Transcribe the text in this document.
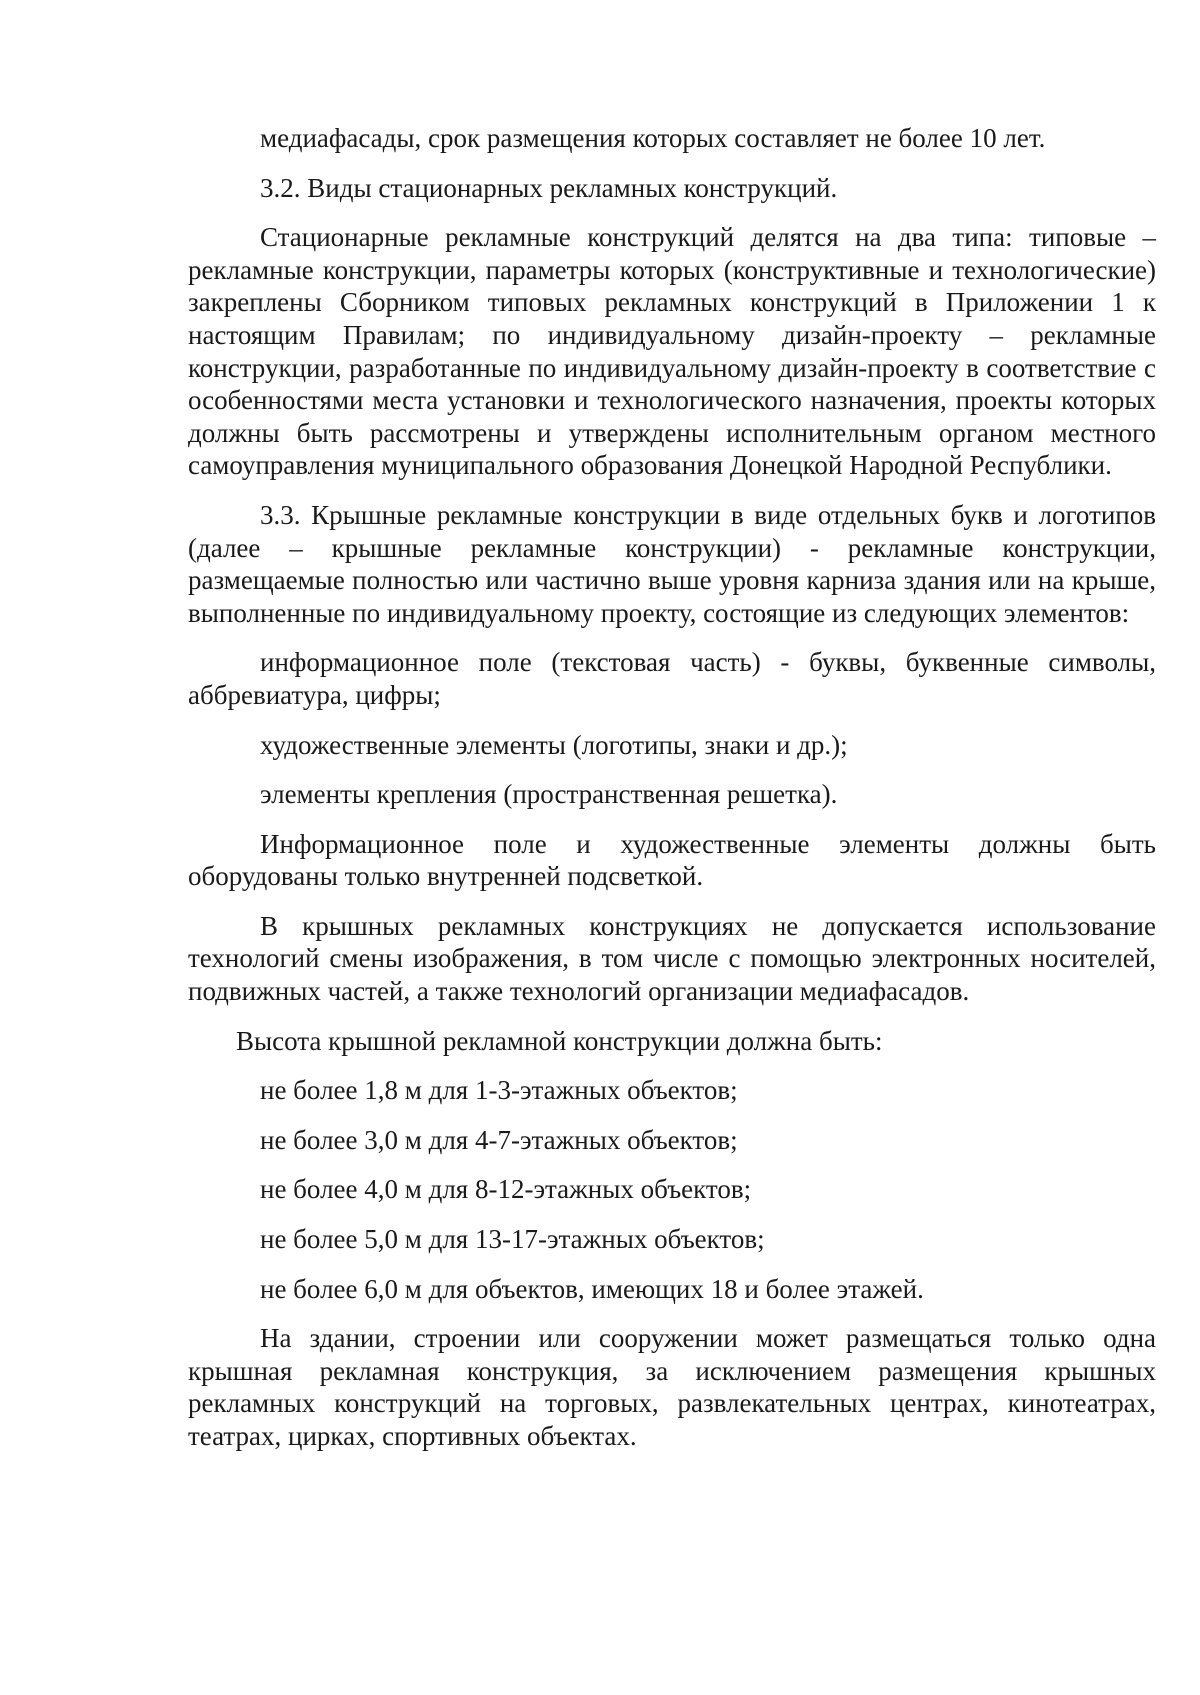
медиафасады, срок размещения которых составляет не более 10 лет.

3.2. Виды стационарных рекламных конструкций.

Стационарные рекламные конструкций делятся на два типа: типовые – рекламные конструкции, параметры которых (конструктивные и технологические) закреплены Сборником типовых рекламных конструкций в Приложении 1 к настоящим Правилам; по индивидуальному дизайн-проекту – рекламные конструкции, разработанные по индивидуальному дизайн-проекту в соответствие с особенностями места установки и технологического назначения, проекты которых должны быть рассмотрены и утверждены исполнительным органом местного самоуправления муниципального образования Донецкой Народной Республики.

3.3. Крышные рекламные конструкции в виде отдельных букв и логотипов (далее – крышные рекламные конструкции) - рекламные конструкции, размещаемые полностью или частично выше уровня карниза здания или на крыше, выполненные по индивидуальному проекту, состоящие из следующих элементов:

информационное поле (текстовая часть) - буквы, буквенные символы, аббревиатура, цифры;

художественные элементы (логотипы, знаки и др.);

элементы крепления (пространственная решетка).

Информационное поле и художественные элементы должны быть оборудованы только внутренней подсветкой.

В крышных рекламных конструкциях не допускается использование технологий смены изображения, в том числе с помощью электронных носителей, подвижных частей, а также технологий организации медиафасадов.

Высота крышной рекламной конструкции должна быть:

не более 1,8 м для 1-3-этажных объектов;

не более 3,0 м для 4-7-этажных объектов;

не более 4,0 м для 8-12-этажных объектов;

не более 5,0 м для 13-17-этажных объектов;

не более 6,0 м для объектов, имеющих 18 и более этажей.

На здании, строении или сооружении может размещаться только одна крышная рекламная конструкция, за исключением размещения крышных рекламных конструкций на торговых, развлекательных центрах, кинотеатрах, театрах, цирках, спортивных объектах.
